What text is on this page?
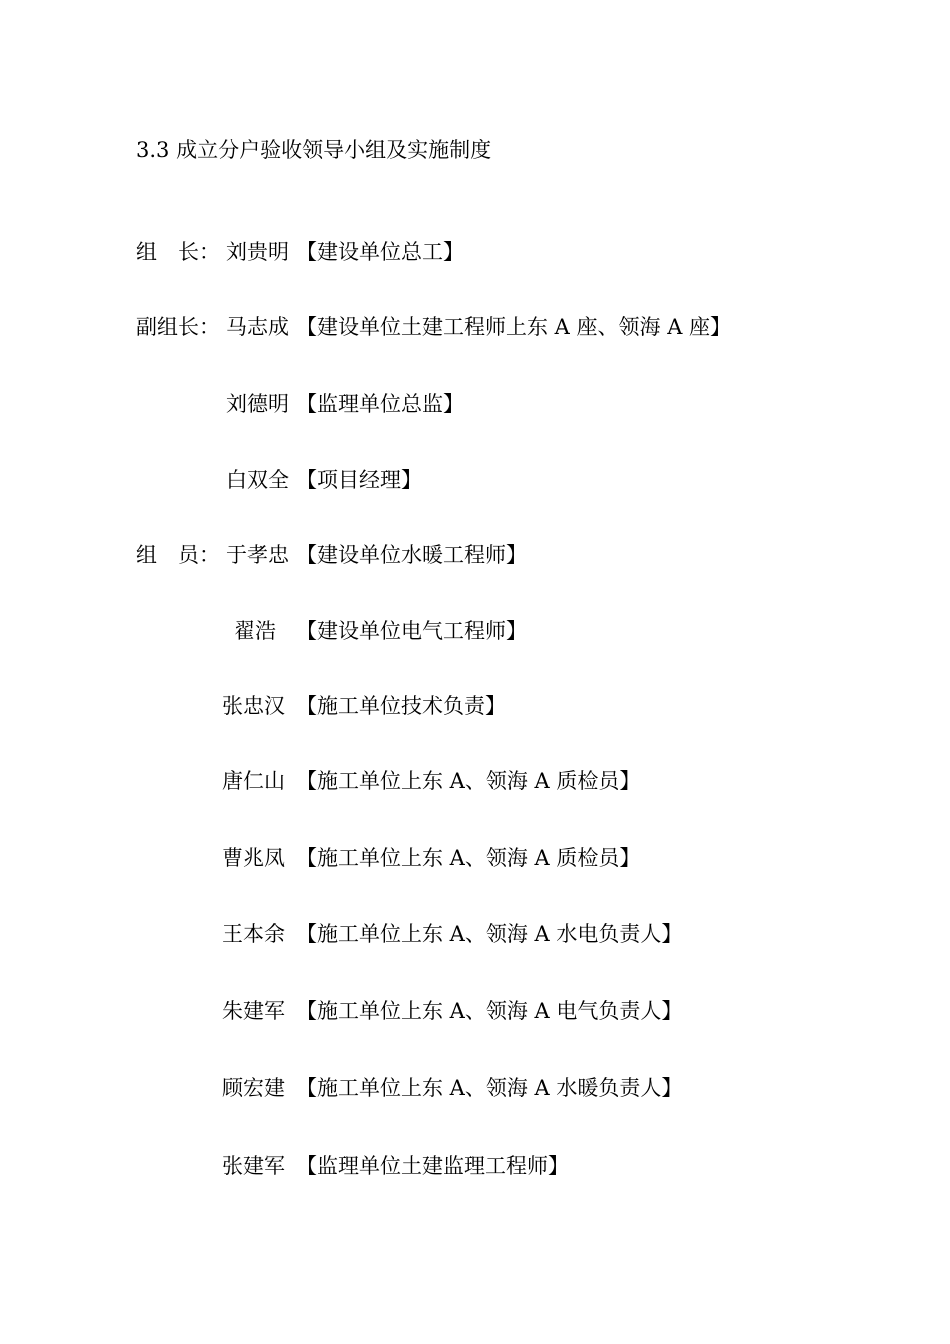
3.3 成立分户验收领导小组及实施制度
组　长： 刘贵明 【建设单位总工】
副组长： 马志成 【建设单位土建工程师上东 A 座、领海 A 座】
刘德明 【监理单位总监】
白双全 【项目经理】
组　员： 于孝忠 【建设单位水暖工程师】
翟浩 【建设单位电气工程师】
张忠汉 【施工单位技术负责】
唐仁山 【施工单位上东 A、领海 A 质检员】
曹兆凤 【施工单位上东 A、领海 A 质检员】
王本余 【施工单位上东 A、领海 A 水电负责人】
朱建军 【施工单位上东 A、领海 A 电气负责人】
顾宏建 【施工单位上东 A、领海 A 水暖负责人】
张建军 【监理单位土建监理工程师】
